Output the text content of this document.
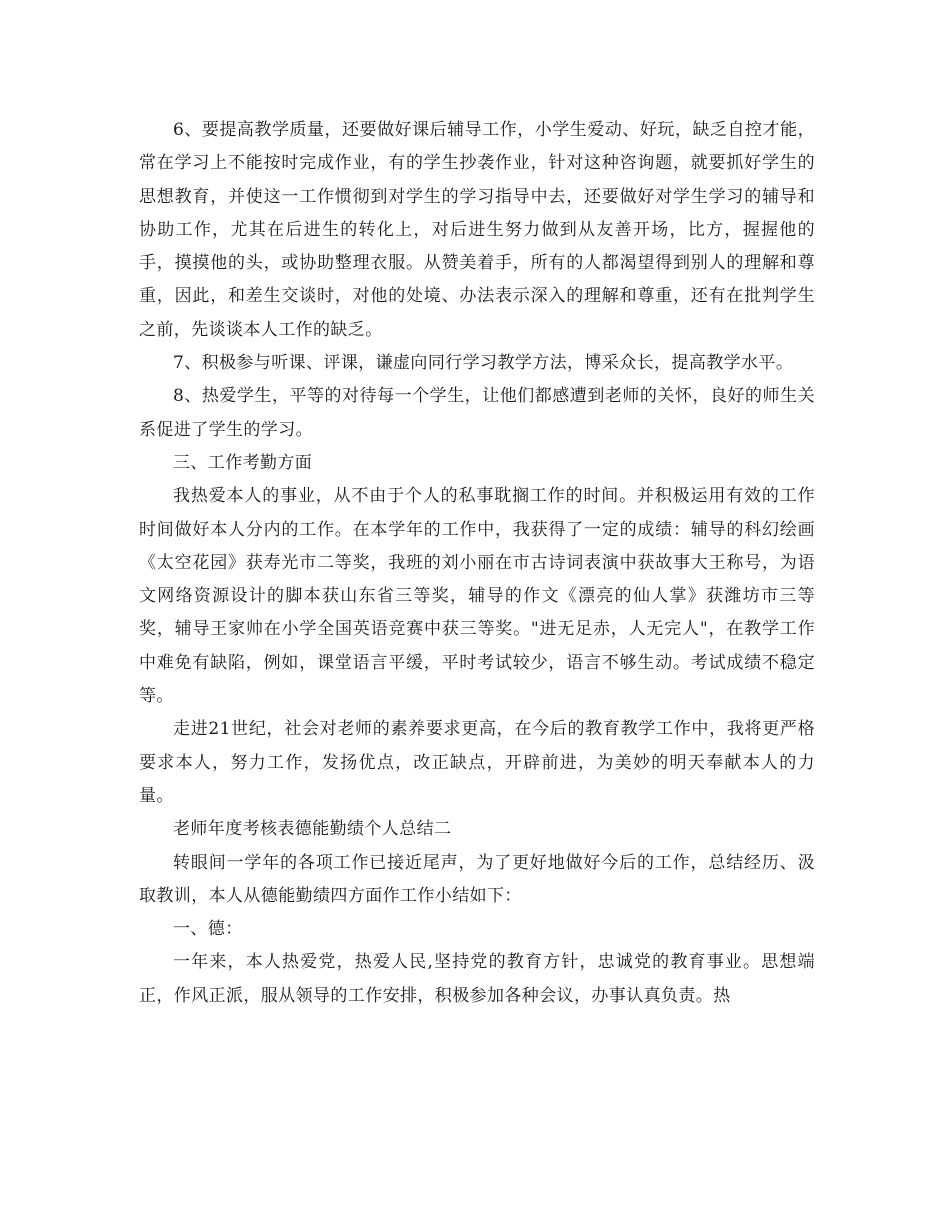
6、要提高教学质量，还要做好课后辅导工作，小学生爱动、好玩，缺乏自控才能，常在学习上不能按时完成作业，有的学生抄袭作业，针对这种咨询题，就要抓好学生的思想教育，并使这一工作惯彻到对学生的学习指导中去，还要做好对学生学习的辅导和协助工作，尤其在后进生的转化上，对后进生努力做到从友善开场，比方，握握他的手，摸摸他的头，或协助整理衣服。从赞美着手，所有的人都渴望得到别人的理解和尊重，因此，和差生交谈时，对他的处境、办法表示深入的理解和尊重，还有在批判学生之前，先谈谈本人工作的缺乏。

7、积极参与听课、评课，谦虚向同行学习教学方法，博采众长，提高教学水平。

8、热爱学生，平等的对待每一个学生，让他们都感遭到老师的关怀，良好的师生关系促进了学生的学习。

三、工作考勤方面

我热爱本人的事业，从不由于个人的私事耽搁工作的时间。并积极运用有效的工作时间做好本人分内的工作。在本学年的工作中，我获得了一定的成绩：辅导的科幻绘画《太空花园》获寿光市二等奖，我班的刘小丽在市古诗词表演中获故事大王称号，为语文网络资源设计的脚本获山东省三等奖，辅导的作文《漂亮的仙人掌》获潍坊市三等奖，辅导王家帅在小学全国英语竞赛中获三等奖。"进无足赤，人无完人"，在教学工作中难免有缺陷，例如，课堂语言平缓，平时考试较少，语言不够生动。考试成绩不稳定等。

走进21世纪，社会对老师的素养要求更高，在今后的教育教学工作中，我将更严格要求本人，努力工作，发扬优点，改正缺点，开辟前进，为美妙的明天奉献本人的力量。

老师年度考核表德能勤绩个人总结二

转眼间一学年的各项工作已接近尾声，为了更好地做好今后的工作，总结经历、汲取教训，本人从德能勤绩四方面作工作小结如下：

一、德：

一年来，本人热爱党，热爱人民,坚持党的教育方针，忠诚党的教育事业。思想端正，作风正派，服从领导的工作安排，积极参加各种会议，办事认真负责。热
